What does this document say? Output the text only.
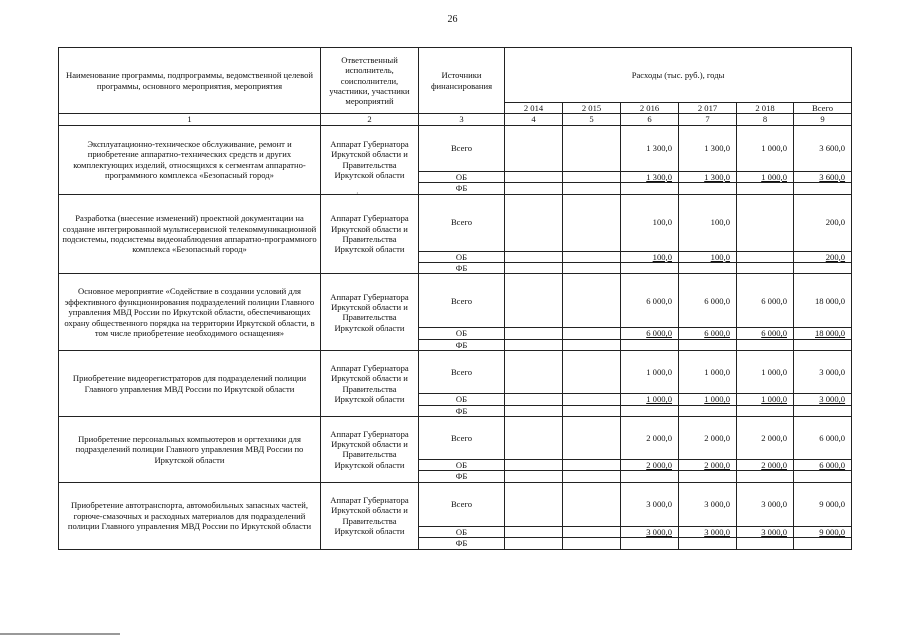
26
·
Наименование программы, подпрограммы, ведомственной целевой программы, основного мероприятия, мероприятия	Ответственный исполнитель, соисполнители, участники, участники мероприятий	Источники финансирования	Расходы (тыс. руб.), годы					
			2 014	2 015	2 016	2 017	2 018	Всего
1	2	3	4	5	6	7	8	9
Эксплуатационно-техническое обслуживание, ремонт и приобретение аппаратно-технических средств и других комплектующих изделий, относящихся к сегментам аппаратно-программного комплекса «Безопасный город»	Аппарат Губернатора Иркутской области и Правительства Иркутской области	Всего			1 300,0	1 300,0	1 000,0	3 600,0
		ОБ			1 300,0	1 300,0	1 000,0	3 600,0
		ФБ						
Разработка (внесение изменений) проектной документации на создание интегрированной мультисервисной телекоммуникационной подсистемы, подсистемы видеонаблюдения аппаратно-программного комплекса «Безопасный город»	Аппарат Губернатора Иркутской области и Правительства Иркутской области	Всего			100,0	100,0		200,0
		ОБ			100,0	100,0		200,0
		ФБ						
Основное мероприятие «Содействие в создании условий для эффективного функционирования подразделений полиции Главного управления МВД России по Иркутской области, обеспечивающих охрану общественного порядка на территории Иркутской области, в том числе приобретение необходимого оснащения»	Аппарат Губернатора Иркутской области и Правительства Иркутской области	Всего			6 000,0	6 000,0	6 000,0	18 000,0
		ОБ			6 000,0	6 000,0	6 000,0	18 000,0
		ФБ						
Приобретение видеорегистраторов для подразделений полиции Главного управления МВД России по Иркутской области	Аппарат Губернатора Иркутской области и Правительства Иркутской области	Всего			1 000,0	1 000,0	1 000,0	3 000,0
		ОБ			1 000,0	1 000,0	1 000,0	3 000,0
		ФБ						
Приобретение персональных компьютеров и оргтехники для подразделений полиции Главного управления МВД России по Иркутской области	Аппарат Губернатора Иркутской области и Правительства Иркутской области	Всего			2 000,0	2 000,0	2 000,0	6 000,0
		ОБ			2 000,0	2 000,0	2 000,0	6 000,0
		ФБ						
Приобретение автотранспорта, автомобильных запасных частей, горюче-смазочных и расходных материалов для подразделений полиции Главного управления МВД России по Иркутской области	Аппарат Губернатора Иркутской области и Правительства Иркутской области	Всего			3 000,0	3 000,0	3 000,0	9 000,0
		ОБ			3 000,0	3 000,0	3 000,0	9 000,0
		ФБ						
